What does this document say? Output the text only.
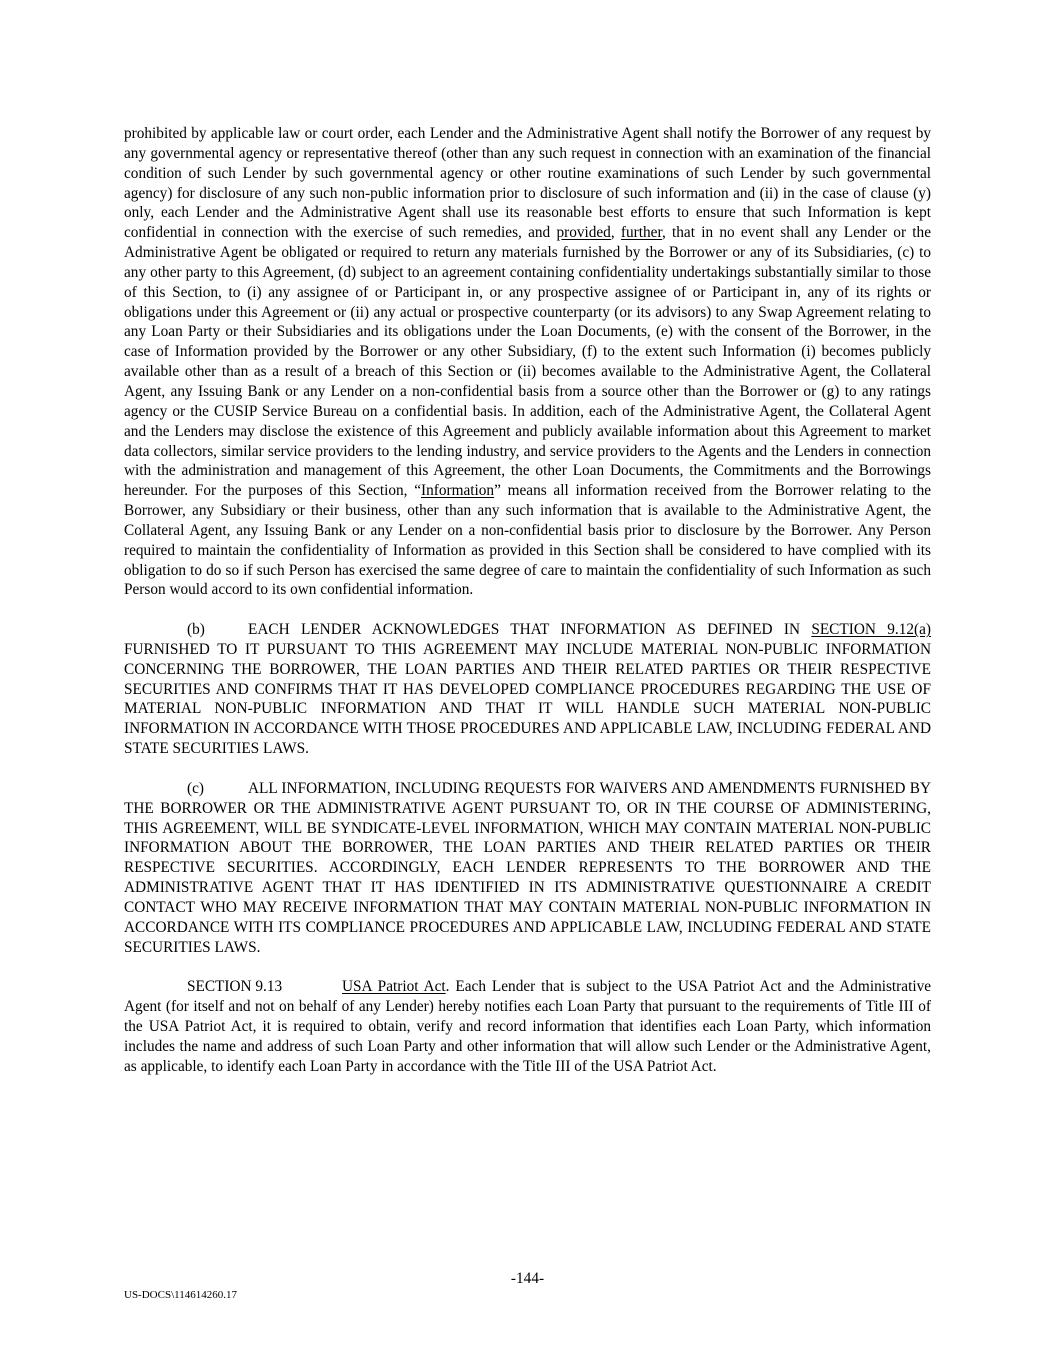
prohibited by applicable law or court order, each Lender and the Administrative Agent shall notify the Borrower of any request by any governmental agency or representative thereof (other than any such request in connection with an examination of the financial condition of such Lender by such governmental agency or other routine examinations of such Lender by such governmental agency) for disclosure of any such non-public information prior to disclosure of such information and (ii) in the case of clause (y) only, each Lender and the Administrative Agent shall use its reasonable best efforts to ensure that such Information is kept confidential in connection with the exercise of such remedies, and provided, further, that in no event shall any Lender or the Administrative Agent be obligated or required to return any materials furnished by the Borrower or any of its Subsidiaries, (c) to any other party to this Agreement, (d) subject to an agreement containing confidentiality undertakings substantially similar to those of this Section, to (i) any assignee of or Participant in, or any prospective assignee of or Participant in, any of its rights or obligations under this Agreement or (ii) any actual or prospective counterparty (or its advisors) to any Swap Agreement relating to any Loan Party or their Subsidiaries and its obligations under the Loan Documents, (e) with the consent of the Borrower, in the case of Information provided by the Borrower or any other Subsidiary, (f) to the extent such Information (i) becomes publicly available other than as a result of a breach of this Section or (ii) becomes available to the Administrative Agent, the Collateral Agent, any Issuing Bank or any Lender on a non-confidential basis from a source other than the Borrower or (g) to any ratings agency or the CUSIP Service Bureau on a confidential basis. In addition, each of the Administrative Agent, the Collateral Agent and the Lenders may disclose the existence of this Agreement and publicly available information about this Agreement to market data collectors, similar service providers to the lending industry, and service providers to the Agents and the Lenders in connection with the administration and management of this Agreement, the other Loan Documents, the Commitments and the Borrowings hereunder. For the purposes of this Section, “Information” means all information received from the Borrower relating to the Borrower, any Subsidiary or their business, other than any such information that is available to the Administrative Agent, the Collateral Agent, any Issuing Bank or any Lender on a non-confidential basis prior to disclosure by the Borrower. Any Person required to maintain the confidentiality of Information as provided in this Section shall be considered to have complied with its obligation to do so if such Person has exercised the same degree of care to maintain the confidentiality of such Information as such Person would accord to its own confidential information.

(b)	EACH LENDER ACKNOWLEDGES THAT INFORMATION AS DEFINED IN SECTION 9.12(a) FURNISHED TO IT PURSUANT TO THIS AGREEMENT MAY INCLUDE MATERIAL NON-PUBLIC INFORMATION CONCERNING THE BORROWER, THE LOAN PARTIES AND THEIR RELATED PARTIES OR THEIR RESPECTIVE SECURITIES AND CONFIRMS THAT IT HAS DEVELOPED COMPLIANCE PROCEDURES REGARDING THE USE OF MATERIAL NON-PUBLIC INFORMATION AND THAT IT WILL HANDLE SUCH MATERIAL NON-PUBLIC INFORMATION IN ACCORDANCE WITH THOSE PROCEDURES AND APPLICABLE LAW, INCLUDING FEDERAL AND STATE SECURITIES LAWS.

(c)	ALL INFORMATION, INCLUDING REQUESTS FOR WAIVERS AND AMENDMENTS FURNISHED BY THE BORROWER OR THE ADMINISTRATIVE AGENT PURSUANT TO, OR IN THE COURSE OF ADMINISTERING, THIS AGREEMENT, WILL BE SYNDICATE-LEVEL INFORMATION, WHICH MAY CONTAIN MATERIAL NON-PUBLIC INFORMATION ABOUT THE BORROWER, THE LOAN PARTIES AND THEIR RELATED PARTIES OR THEIR RESPECTIVE SECURITIES. ACCORDINGLY, EACH LENDER REPRESENTS TO THE BORROWER AND THE ADMINISTRATIVE AGENT THAT IT HAS IDENTIFIED IN ITS ADMINISTRATIVE QUESTIONNAIRE A CREDIT CONTACT WHO MAY RECEIVE INFORMATION THAT MAY CONTAIN MATERIAL NON-PUBLIC INFORMATION IN ACCORDANCE WITH ITS COMPLIANCE PROCEDURES AND APPLICABLE LAW, INCLUDING FEDERAL AND STATE SECURITIES LAWS.

SECTION 9.13	USA Patriot Act. Each Lender that is subject to the USA Patriot Act and the Administrative Agent (for itself and not on behalf of any Lender) hereby notifies each Loan Party that pursuant to the requirements of Title III of the USA Patriot Act, it is required to obtain, verify and record information that identifies each Loan Party, which information includes the name and address of such Loan Party and other information that will allow such Lender or the Administrative Agent, as applicable, to identify each Loan Party in accordance with the Title III of the USA Patriot Act.

-144-
US-DOCS\114614260.17
